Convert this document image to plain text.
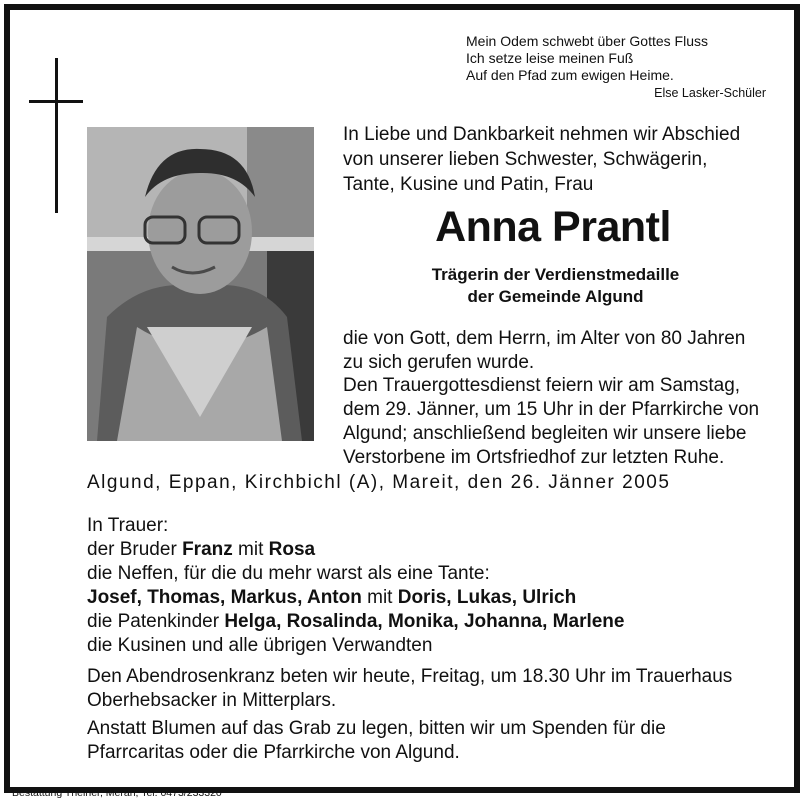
Mein Odem schwebt über Gottes Fluss
Ich setze leise meinen Fuß
Auf den Pfad zum ewigen Heime.
Else Lasker-Schüler
In Liebe und Dankbarkeit nehmen wir Abschied
von unserer lieben Schwester, Schwägerin,
Tante, Kusine und Patin, Frau
Anna Prantl
Trägerin der Verdienstmedaille
der Gemeinde Algund
die von Gott, dem Herrn, im Alter von 80 Jahren
zu sich gerufen wurde.
Den Trauergottesdienst feiern wir am Samstag,
dem 29. Jänner, um 15 Uhr in der Pfarrkirche von
Algund; anschließend begleiten wir unsere liebe
Verstorbene im Ortsfriedhof zur letzten Ruhe.
Algund, Eppan, Kirchbichl (A), Mareit, den 26. Jänner 2005
In Trauer:
der Bruder Franz mit Rosa
die Neffen, für die du mehr warst als eine Tante:
Josef, Thomas, Markus, Anton mit Doris, Lukas, Ulrich
die Patenkinder Helga, Rosalinda, Monika, Johanna, Marlene
die Kusinen und alle übrigen Verwandten
Den Abendrosenkranz beten wir heute, Freitag, um 18.30 Uhr im Trauerhaus
Oberhebsacker in Mitterplars.
Anstatt Blumen auf das Grab zu legen, bitten wir um Spenden für die
Pfarrcaritas oder die Pfarrkirche von Algund.
Bestattung Theiner, Meran, Tel. 0473/233320
